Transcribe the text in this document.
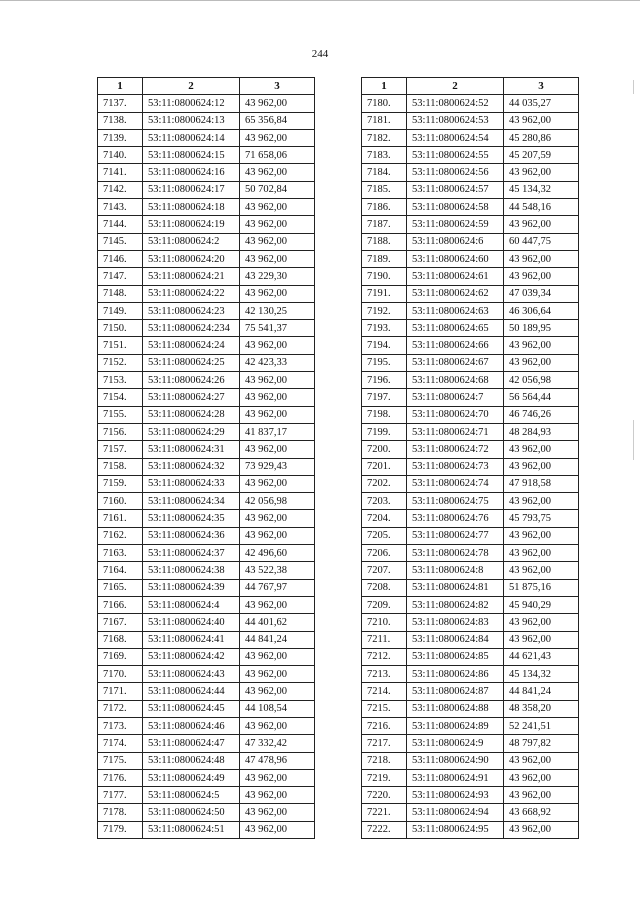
244
1	2	3
7137.	53:11:0800624:12	43 962,00
7138.	53:11:0800624:13	65 356,84
7139.	53:11:0800624:14	43 962,00
7140.	53:11:0800624:15	71 658,06
7141.	53:11:0800624:16	43 962,00
7142.	53:11:0800624:17	50 702,84
7143.	53:11:0800624:18	43 962,00
7144.	53:11:0800624:19	43 962,00
7145.	53:11:0800624:2	43 962,00
7146.	53:11:0800624:20	43 962,00
7147.	53:11:0800624:21	43 229,30
7148.	53:11:0800624:22	43 962,00
7149.	53:11:0800624:23	42 130,25
7150.	53:11:0800624:234	75 541,37
7151.	53:11:0800624:24	43 962,00
7152.	53:11:0800624:25	42 423,33
7153.	53:11:0800624:26	43 962,00
7154.	53:11:0800624:27	43 962,00
7155.	53:11:0800624:28	43 962,00
7156.	53:11:0800624:29	41 837,17
7157.	53:11:0800624:31	43 962,00
7158.	53:11:0800624:32	73 929,43
7159.	53:11:0800624:33	43 962,00
7160.	53:11:0800624:34	42 056,98
7161.	53:11:0800624:35	43 962,00
7162.	53:11:0800624:36	43 962,00
7163.	53:11:0800624:37	42 496,60
7164.	53:11:0800624:38	43 522,38
7165.	53:11:0800624:39	44 767,97
7166.	53:11:0800624:4	43 962,00
7167.	53:11:0800624:40	44 401,62
7168.	53:11:0800624:41	44 841,24
7169.	53:11:0800624:42	43 962,00
7170.	53:11:0800624:43	43 962,00
7171.	53:11:0800624:44	43 962,00
7172.	53:11:0800624:45	44 108,54
7173.	53:11:0800624:46	43 962,00
7174.	53:11:0800624:47	47 332,42
7175.	53:11:0800624:48	47 478,96
7176.	53:11:0800624:49	43 962,00
7177.	53:11:0800624:5	43 962,00
7178.	53:11:0800624:50	43 962,00
7179.	53:11:0800624:51	43 962,00
1	2	3
7180.	53:11:0800624:52	44 035,27
7181.	53:11:0800624:53	43 962,00
7182.	53:11:0800624:54	45 280,86
7183.	53:11:0800624:55	45 207,59
7184.	53:11:0800624:56	43 962,00
7185.	53:11:0800624:57	45 134,32
7186.	53:11:0800624:58	44 548,16
7187.	53:11:0800624:59	43 962,00
7188.	53:11:0800624:6	60 447,75
7189.	53:11:0800624:60	43 962,00
7190.	53:11:0800624:61	43 962,00
7191.	53:11:0800624:62	47 039,34
7192.	53:11:0800624:63	46 306,64
7193.	53:11:0800624:65	50 189,95
7194.	53:11:0800624:66	43 962,00
7195.	53:11:0800624:67	43 962,00
7196.	53:11:0800624:68	42 056,98
7197.	53:11:0800624:7	56 564,44
7198.	53:11:0800624:70	46 746,26
7199.	53:11:0800624:71	48 284,93
7200.	53:11:0800624:72	43 962,00
7201.	53:11:0800624:73	43 962,00
7202.	53:11:0800624:74	47 918,58
7203.	53:11:0800624:75	43 962,00
7204.	53:11:0800624:76	45 793,75
7205.	53:11:0800624:77	43 962,00
7206.	53:11:0800624:78	43 962,00
7207.	53:11:0800624:8	43 962,00
7208.	53:11:0800624:81	51 875,16
7209.	53:11:0800624:82	45 940,29
7210.	53:11:0800624:83	43 962,00
7211.	53:11:0800624:84	43 962,00
7212.	53:11:0800624:85	44 621,43
7213.	53:11:0800624:86	45 134,32
7214.	53:11:0800624:87	44 841,24
7215.	53:11:0800624:88	48 358,20
7216.	53:11:0800624:89	52 241,51
7217.	53:11:0800624:9	48 797,82
7218.	53:11:0800624:90	43 962,00
7219.	53:11:0800624:91	43 962,00
7220.	53:11:0800624:93	43 962,00
7221.	53:11:0800624:94	43 668,92
7222.	53:11:0800624:95	43 962,00
